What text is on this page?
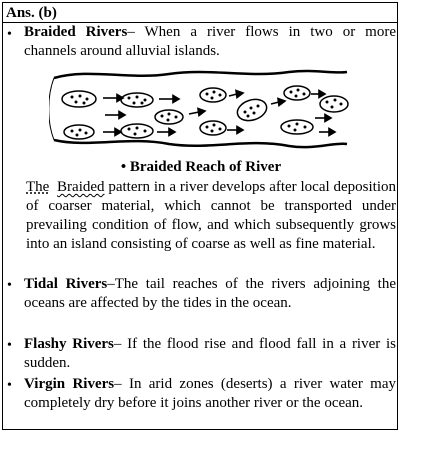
Ans. (b)
• Braided Rivers– When a river flows in two or more channels around alluvial islands.
• Braided Reach of River
The Braided pattern in a river develops after local deposition of coarser material, which cannot be transported under prevailing condition of flow, and which subsequently grows into an island consisting of coarse as well as fine material.
• Tidal Rivers–The tail reaches of the rivers adjoining the oceans are affected by the tides in the ocean.
• Flashy Rivers– If the flood rise and flood fall in a river is sudden.
• Virgin Rivers– In arid zones (deserts) a river water may completely dry before it joins another river or the ocean.
